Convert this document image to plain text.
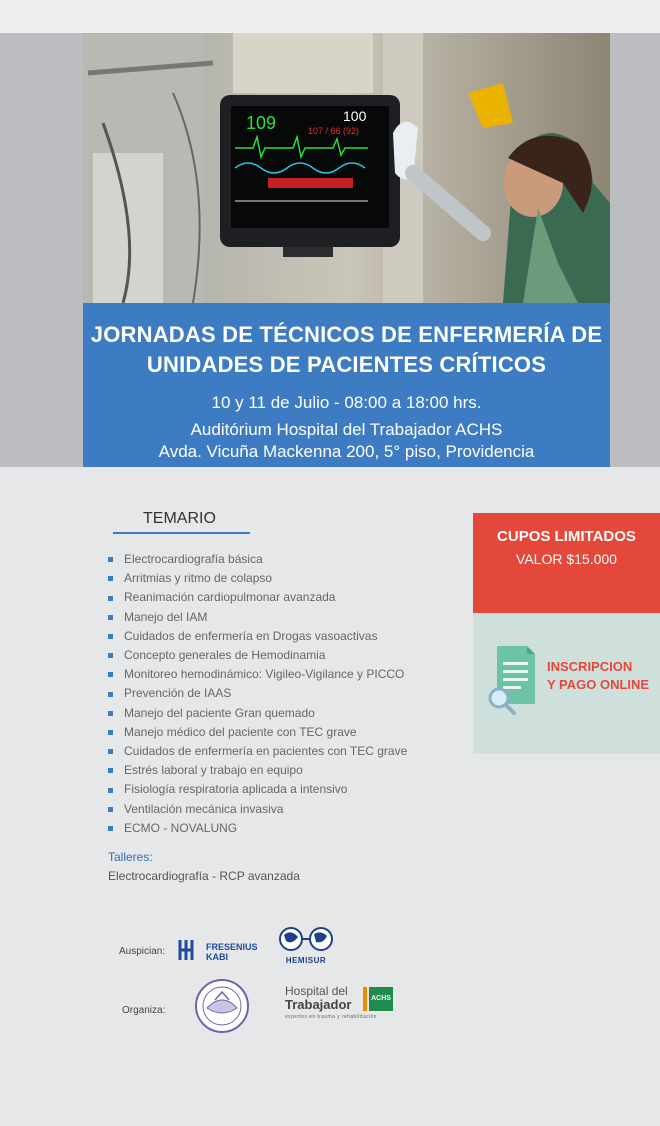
109	100
107 / 66 (92)
JORNADAS DE TÉCNICOS DE ENFERMERÍA DE
UNIDADES DE PACIENTES CRÍTICOS
10 y 11 de Julio - 08:00 a 18:00 hrs.
Auditórium Hospital del Trabajador ACHS
Avda. Vicuña Mackenna 200, 5° piso, Providencia
TEMARIO
Electrocardiografía básica
Arritmias y ritmo de colapso
Reanimación cardiopulmonar avanzada
Manejo del IAM
Cuidados de enfermería en Drogas vasoactivas
Concepto generales de Hemodinamia
Monitoreo hemodinámico: Vigileo-Vigilance y PICCO
Prevención de IAAS
Manejo del paciente Gran quemado
Manejo médico del paciente con TEC grave
Cuidados de enfermería en pacientes con TEC grave
Estrés laboral y trabajo en equipo
Fisiología respiratoria aplicada a intensivo
Ventilación mecánica invasiva
ECMO - NOVALUNG
Talleres:
Electrocardiografía - RCP avanzada
CUPOS LIMITADOS
VALOR $15.000
INSCRIPCION
Y PAGO ONLINE
Auspician:
Organiza:
FRESENIUS
KABI	HEMISUR
Hospital del
Trabajador	ACHS
expertos en trauma y rehabilitación
